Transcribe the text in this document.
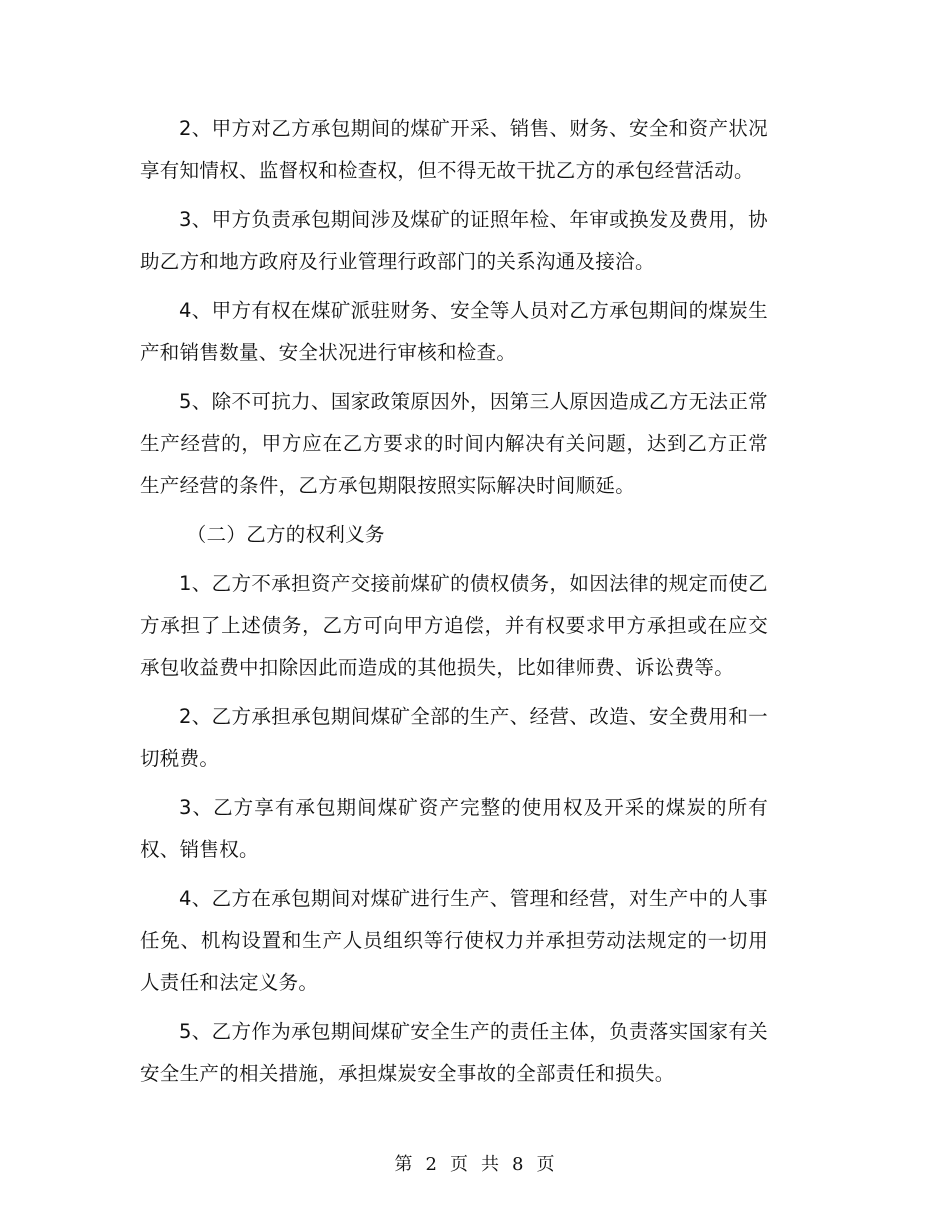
2、甲方对乙方承包期间的煤矿开采、销售、财务、安全和资产状况享有知情权、监督权和检查权，但不得无故干扰乙方的承包经营活动。

3、甲方负责承包期间涉及煤矿的证照年检、年审或换发及费用，协助乙方和地方政府及行业管理行政部门的关系沟通及接洽。

4、甲方有权在煤矿派驻财务、安全等人员对乙方承包期间的煤炭生产和销售数量、安全状况进行审核和检查。

5、除不可抗力、国家政策原因外，因第三人原因造成乙方无法正常生产经营的，甲方应在乙方要求的时间内解决有关问题，达到乙方正常生产经营的条件，乙方承包期限按照实际解决时间顺延。

（二）乙方的权利义务

1、乙方不承担资产交接前煤矿的债权债务，如因法律的规定而使乙方承担了上述债务，乙方可向甲方追偿，并有权要求甲方承担或在应交承包收益费中扣除因此而造成的其他损失，比如律师费、诉讼费等。

2、乙方承担承包期间煤矿全部的生产、经营、改造、安全费用和一切税费。

3、乙方享有承包期间煤矿资产完整的使用权及开采的煤炭的所有权、销售权。

4、乙方在承包期间对煤矿进行生产、管理和经营，对生产中的人事任免、机构设置和生产人员组织等行使权力并承担劳动法规定的一切用人责任和法定义务。

5、乙方作为承包期间煤矿安全生产的责任主体，负责落实国家有关安全生产的相关措施，承担煤炭安全事故的全部责任和损失。

第 2 页 共 8 页
